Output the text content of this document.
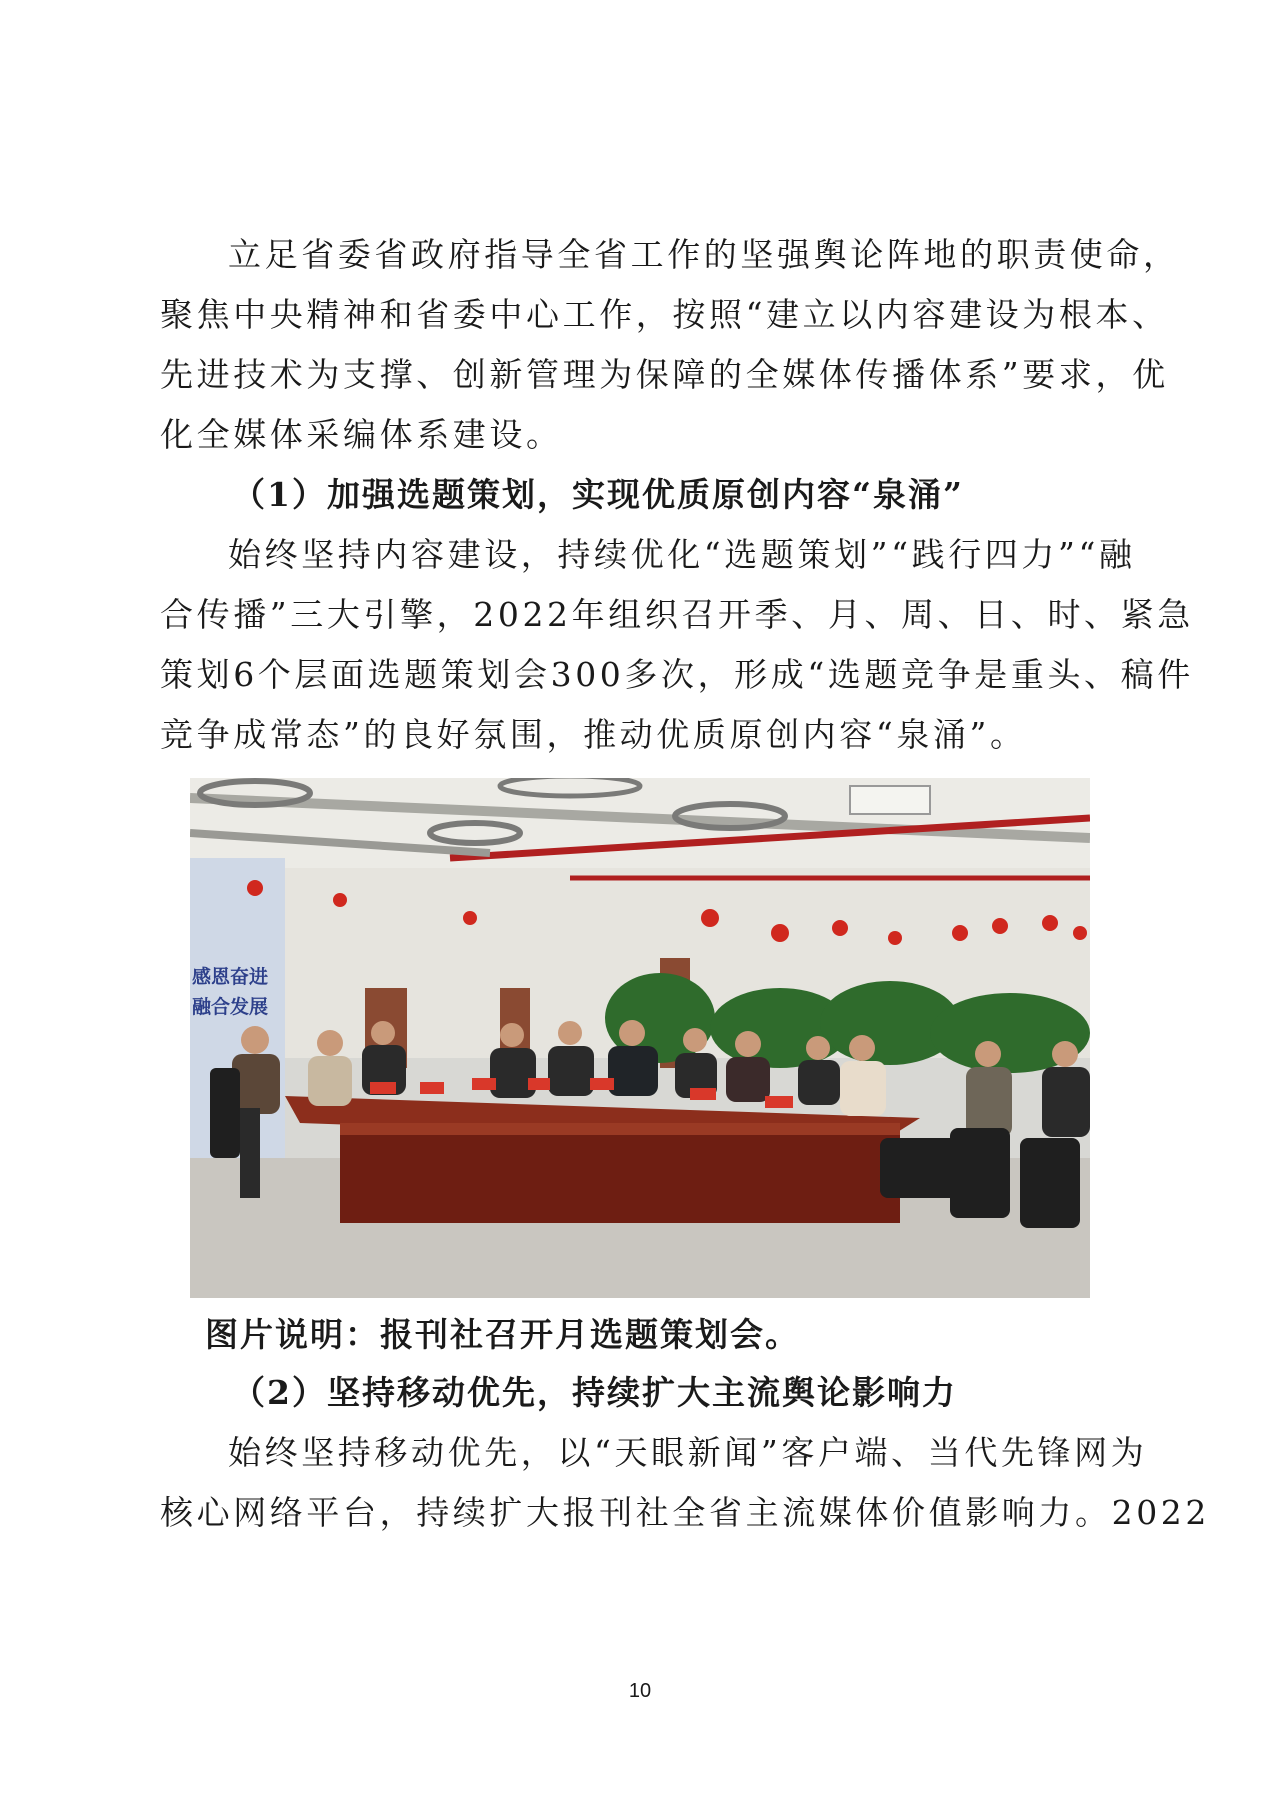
立足省委省政府指导全省工作的坚强舆论阵地的职责使命，
聚焦中央精神和省委中心工作，按照“建立以内容建设为根本、
先进技术为支撑、创新管理为保障的全媒体传播体系”要求，优
化全媒体采编体系建设。
（1）加强选题策划，实现优质原创内容“泉涌”
始终坚持内容建设，持续优化“选题策划”“践行四力”“融
合传播”三大引擎，2022年组织召开季、月、周、日、时、紧急
策划6个层面选题策划会300多次，形成“选题竞争是重头、稿件
竞争成常态”的良好氛围，推动优质原创内容“泉涌”。
感恩奋进
融合发展
图片说明：报刊社召开月选题策划会。
（2）坚持移动优先，持续扩大主流舆论影响力
始终坚持移动优先，以“天眼新闻”客户端、当代先锋网为
核心网络平台，持续扩大报刊社全省主流媒体价值影响力。2022
10
